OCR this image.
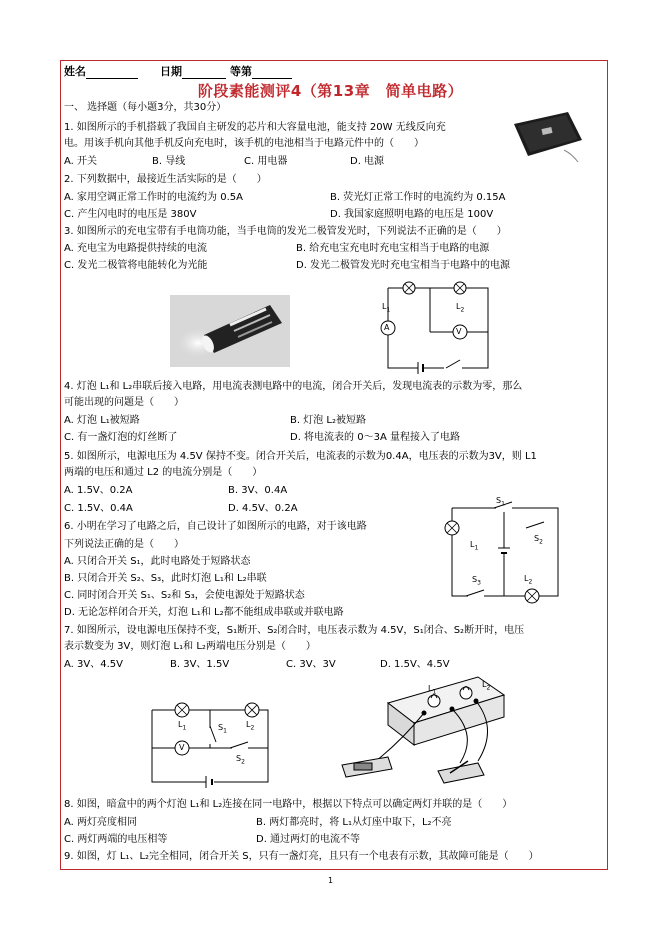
姓名	日期	等第
阶段素能测评4（第13章　简单电路）
一、 选择题（每小题3分，共30分）
1. 如图所示的手机搭载了我国自主研发的芯片和大容量电池，能支持 20W 无线反向充
电。用该手机向其他手机反向充电时，该手机的电池相当于电路元件中的（　　）
A. 开关	B. 导线	C. 用电器	D. 电源
2. 下列数据中，最接近生活实际的是（　　）
A. 家用空调正常工作时的电流约为 0.5A	B. 荧光灯正常工作时的电流约为 0.15A
C. 产生闪电时的电压是 380V	D. 我国家庭照明电路的电压是 100V
3. 如图所示的充电宝带有手电筒功能，当手电筒的发光二极管发光时，下列说法不正确的是（　　）
A. 充电宝为电路提供持续的电流	B. 给充电宝充电时充电宝相当于电路的电源
C. 发光二极管将电能转化为光能	D. 发光二极管发光时充电宝相当于电路中的电源
$L_1$	$L_2$
A	V
4. 灯泡 L₁和 L₂串联后接入电路，用电流表测电路中的电流，闭合开关后，发现电流表的示数为零，那么
可能出现的问题是（　　）
A. 灯泡 L₁被短路	B. 灯泡 L₂被短路
C. 有一盏灯泡的灯丝断了	D. 将电流表的 0～3A 量程接入了电路
5. 如图所示，电源电压为 4.5V 保持不变。闭合开关后，电流表的示数为0.4A，电压表的示数为3V，则 L1
两端的电压和通过 L2 的电流分别是（　　）
A. 1.5V、0.2A	B. 3V、0.4A
C. 1.5V、0.4A	D. 4.5V、0.2A
$S_1$
$S_2$
$S_3$
$L_1$
$L_2$
6. 小明在学习了电路之后，自己设计了如图所示的电路，对于该电路
下列说法正确的是（　　）
A. 只闭合开关 S₁，此时电路处于短路状态
B. 只闭合开关 S₂、S₃，此时灯泡 L₁和 L₂串联
C. 同时闭合开关 S₁、S₂和 S₃，会使电源处于短路状态
D. 无论怎样闭合开关，灯泡 L₁和 L₂都不能组成串联或并联电路
7. 如图所示，设电源电压保持不变，S₁断开、S₂闭合时，电压表示数为 4.5V，S₁闭合、S₂断开时，电压
表示数变为 3V，则灯泡 L₁和 L₂两端电压分别是（　　）
A. 3V、4.5V	B. 3V、1.5V	C. 3V、3V	D. 1.5V、4.5V
$L_1$	$L_2$
$S_1$
$S_2$
V
$L_1$
$L_2$
8. 如图，暗盒中的两个灯泡 L₁和 L₂连接在同一电路中，根据以下特点可以确定两灯并联的是（　　）
A. 两灯亮度相同	B. 两灯都亮时，将 L₁从灯座中取下，L₂不亮
C. 两灯两端的电压相等	D. 通过两灯的电流不等
9. 如图，灯 L₁、L₂完全相同，闭合开关 S，只有一盏灯亮，且只有一个电表有示数，其故障可能是（　　）
1
